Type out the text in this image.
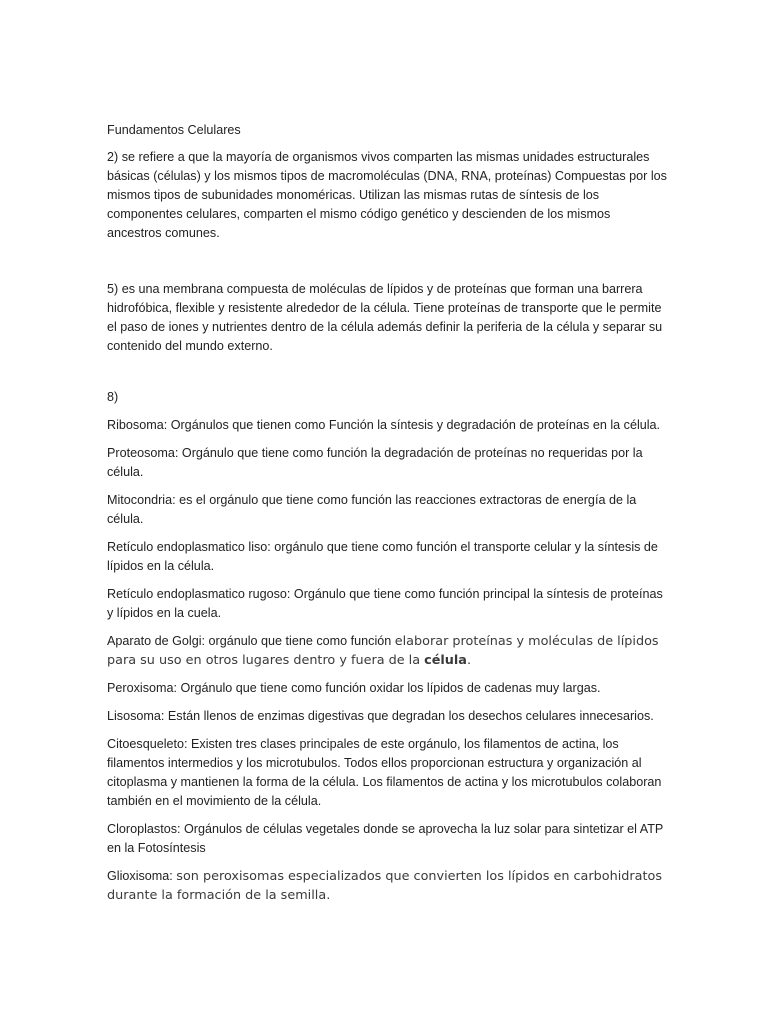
Fundamentos Celulares

2) se refiere a que la mayoría de organismos vivos comparten las mismas unidades estructurales básicas (células) y los mismos tipos de macromoléculas (DNA, RNA, proteínas) Compuestas por los mismos tipos de subunidades monoméricas. Utilizan las mismas rutas de síntesis de los componentes celulares, comparten el mismo código genético y descienden de los mismos ancestros comunes.

5) es una membrana compuesta de moléculas de lípidos y de proteínas que forman una barrera hidrofóbica, flexible y resistente alrededor de la célula. Tiene proteínas de transporte que le permite el paso de iones y nutrientes dentro de la célula además definir la periferia de la célula y separar su contenido del mundo externo.

8)

Ribosoma: Orgánulos que tienen como Función la síntesis y degradación de proteínas en la célula.

Proteosoma: Orgánulo que tiene como función la degradación de proteínas no requeridas por la célula.

Mitocondria: es el orgánulo que tiene como función las reacciones extractoras de energía de la célula.

Retículo endoplasmatico liso: orgánulo que tiene como función el transporte celular y la síntesis de lípidos en la célula.

Retículo endoplasmatico rugoso: Orgánulo que tiene como función principal la síntesis de proteínas y lípidos en la cuela.

Aparato de Golgi: orgánulo que tiene como función elaborar proteínas y moléculas de lípidos para su uso en otros lugares dentro y fuera de la célula.

Peroxisoma: Orgánulo que tiene como función oxidar los lípidos de cadenas muy largas.

Lisosoma: Están llenos de enzimas digestivas que degradan los desechos celulares innecesarios.

Citoesqueleto: Existen tres clases principales de este orgánulo, los filamentos de actina, los filamentos intermedios y los microtubulos. Todos ellos proporcionan estructura y organización al citoplasma y mantienen la forma de la célula. Los filamentos de actina y los microtubulos colaboran también en el movimiento de la célula.

Cloroplastos: Orgánulos de células vegetales donde se aprovecha la luz solar para sintetizar el ATP en la Fotosíntesis

Glioxisoma: son peroxisomas especializados que convierten los lípidos en carbohidratos durante la formación de la semilla.
